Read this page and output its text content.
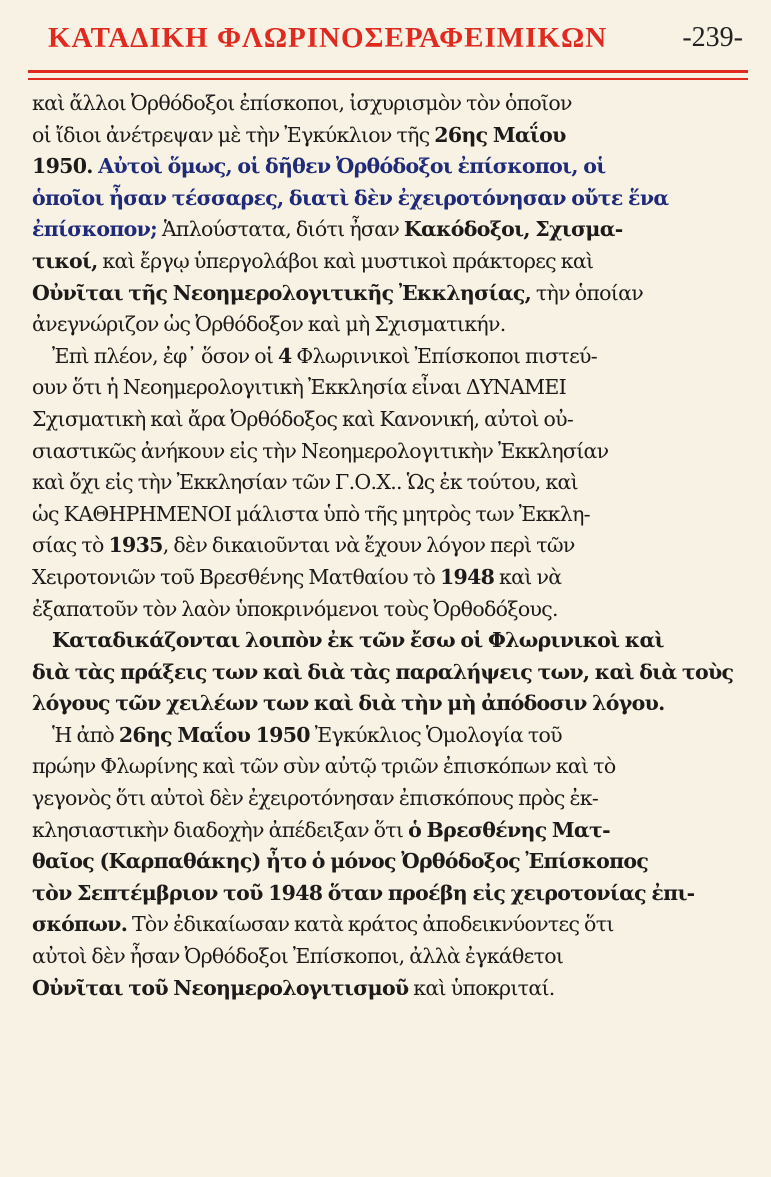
ΚΑΤΑΔΙΚΗ ΦΛΩΡΙΝΟΣΕΡΑΦΕΙΜΙΚΩΝ	-239-
καὶ ἄλλοι Ὀρθόδοξοι ἐπίσκοποι, ἰσχυρισμὸν τὸν ὁποῖον
οἱ ἴδιοι ἀνέτρεψαν μὲ τὴν Ἐγκύκλιον τῆς 26ης Μαΐου
1950. Αὐτοὶ ὅμως, οἱ δῆθεν Ὀρθόδοξοι ἐπίσκοποι, οἱ
ὁποῖοι ἦσαν τέσσαρες, διατὶ δὲν ἐχειροτόνησαν οὔτε ἕνα
ἐπίσκοπον; Ἁπλούστατα, διότι ἦσαν Κακόδοξοι, Σχισμα-
τικοί, καὶ ἔργῳ ὑπεργολάβοι καὶ μυστικοὶ πράκτορες καὶ
Οὐνῖται τῆς Νεοημερολογιτικῆς Ἐκκλησίας, τὴν ὁποίαν
ἀνεγνώριζον ὡς Ὀρθόδοξον καὶ μὴ Σχισματικήν.
Ἐπὶ πλέον, ἐφ᾽ ὅσον οἱ 4 Φλωρινικοὶ Ἐπίσκοποι πιστεύ-
ουν ὅτι ἡ Νεοημερολογιτικὴ Ἐκκλησία εἶναι ΔΥΝΑΜΕΙ
Σχισματικὴ καὶ ἄρα Ὀρθόδοξος καὶ Κανονική, αὐτοὶ οὐ-
σιαστικῶς ἀνήκουν εἰς τὴν Νεοημερολογιτικὴν Ἐκκλησίαν
καὶ ὄχι εἰς τὴν Ἐκκλησίαν τῶν Γ.Ο.Χ.. Ὡς ἐκ τούτου, καὶ
ὡς ΚΑΘΗΡΗΜΕΝΟΙ μάλιστα ὑπὸ τῆς μητρὸς των Ἐκκλη-
σίας τὸ 1935, δὲν δικαιοῦνται νὰ ἔχουν λόγον περὶ τῶν
Χειροτονιῶν τοῦ Βρεσθένης Ματθαίου τὸ 1948 καὶ νὰ
ἐξαπατοῦν τὸν λαὸν ὑποκρινόμενοι τοὺς Ὀρθοδόξους.
Καταδικάζονται λοιπὸν ἐκ τῶν ἔσω οἱ Φλωρινικοὶ καὶ
διὰ τὰς πράξεις των καὶ διὰ τὰς παραλήψεις των, καὶ διὰ τοὺς
λόγους τῶν χειλέων των καὶ διὰ τὴν μὴ ἀπόδοσιν λόγου.
Ἡ ἀπὸ 26ης Μαΐου 1950 Ἐγκύκλιος Ὁμολογία τοῦ
πρώην Φλωρίνης καὶ τῶν σὺν αὐτῷ τριῶν ἐπισκόπων καὶ τὸ
γεγονὸς ὅτι αὐτοὶ δὲν ἐχειροτόνησαν ἐπισκόπους πρὸς ἐκ-
κλησιαστικὴν διαδοχὴν ἀπέδειξαν ὅτι ὁ Βρεσθένης Ματ-
θαῖος (Καρπαθάκης) ἦτο ὁ μόνος Ὀρθόδοξος Ἐπίσκοπος
τὸν Σεπτέμβριον τοῦ 1948 ὅταν προέβη εἰς χειροτονίας ἐπι-
σκόπων. Τὸν ἐδικαίωσαν κατὰ κράτος ἀποδεικνύοντες ὅτι
αὐτοὶ δὲν ἦσαν Ὀρθόδοξοι Ἐπίσκοποι, ἀλλὰ ἐγκάθετοι
Οὐνῖται τοῦ Νεοημερολογιτισμοῦ καὶ ὑποκριταί.
